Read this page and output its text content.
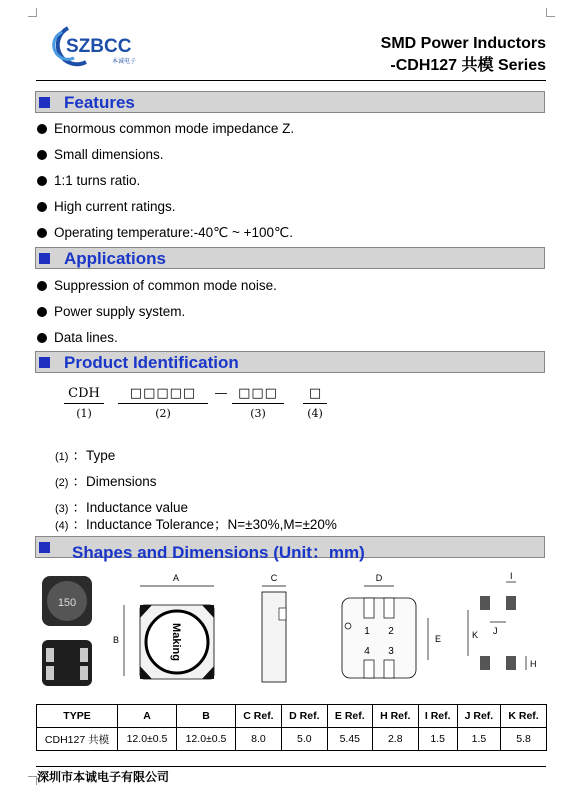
SZBCC
本诚电子
SMD Power Inductors
-CDH127 共模 Series
Features
Enormous common mode impedance Z.
Small dimensions.
1:1 turns ratio.
High current ratings.
Operating temperature:-40℃ ~ +100℃.
Applications
Suppression of common mode noise.
Power supply system.
Data lines.
Product Identification
CDH
(1)
□□□□□
(2)
— □□□
(3)
□
(4)
(1) ：Type
(2) ：Dimensions
(3) ：Inductance value
(4) ：Inductance Tolerance；N=±30%,M=±20%
Shapes and Dimensions (Unit：mm)
150
A
B	Making
C	D
1 2
3
4
E
I
K J
H
TYPE	A	B	C Ref.	D Ref.	E Ref.	H Ref.	I Ref.	J Ref.	K Ref.
CDH127 共模	12.0±0.5	12.0±0.5	8.0	5.0	5.45	2.8	1.5	1.5	5.8
深圳市本诚电子有限公司
